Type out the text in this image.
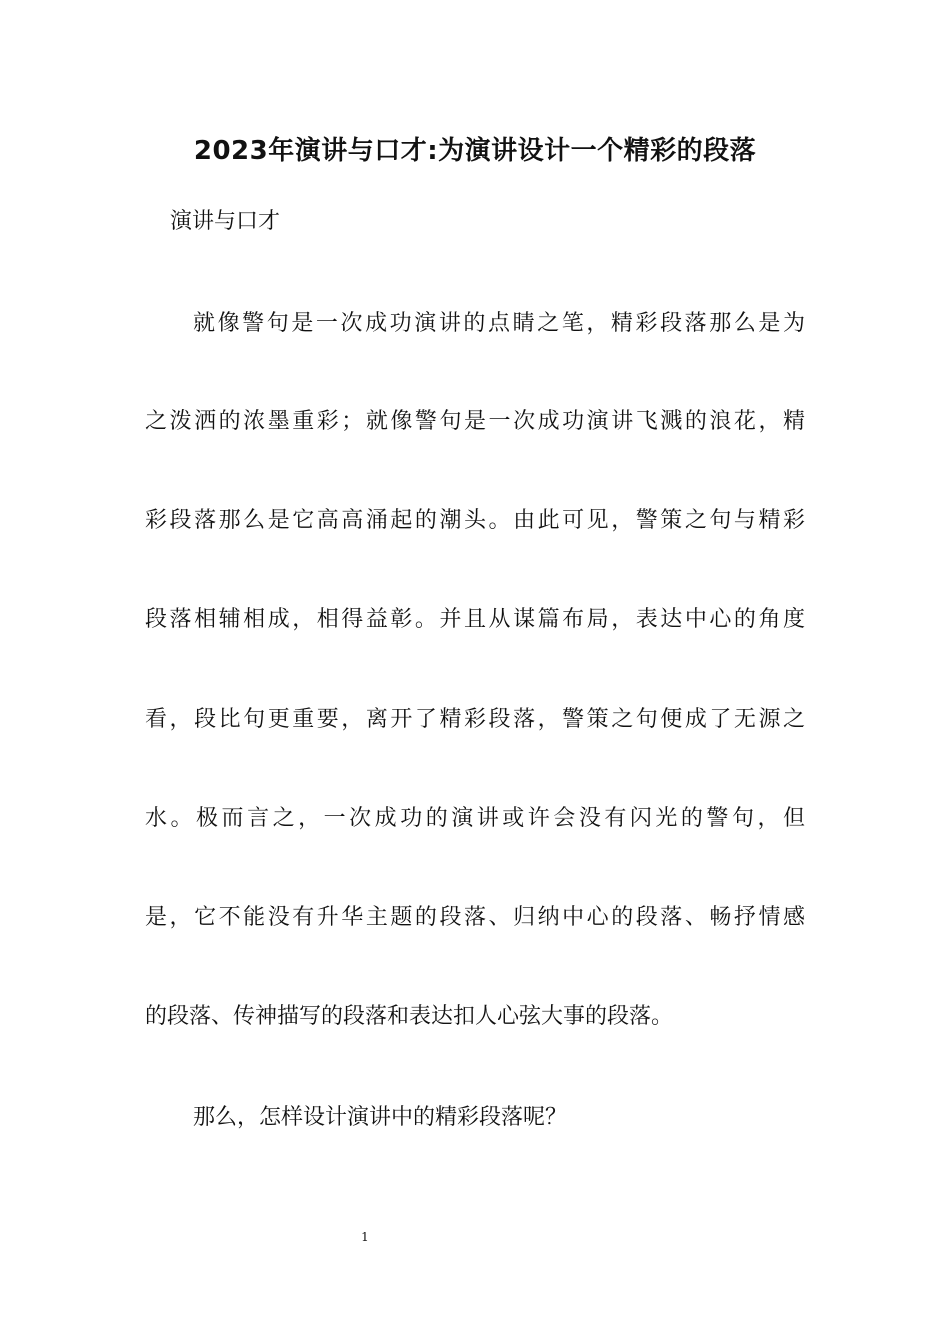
2023年演讲与口才:为演讲设计一个精彩的段落

演讲与口才

就像警句是一次成功演讲的点睛之笔，精彩段落那么是为

之泼洒的浓墨重彩；就像警句是一次成功演讲飞溅的浪花，精

彩段落那么是它高高涌起的潮头。由此可见，警策之句与精彩

段落相辅相成，相得益彰。并且从谋篇布局，表达中心的角度

看，段比句更重要，离开了精彩段落，警策之句便成了无源之

水。极而言之，一次成功的演讲或许会没有闪光的警句，但

是，它不能没有升华主题的段落、归纳中心的段落、畅抒情感

的段落、传神描写的段落和表达扣人心弦大事的段落。

那么，怎样设计演讲中的精彩段落呢？

1
